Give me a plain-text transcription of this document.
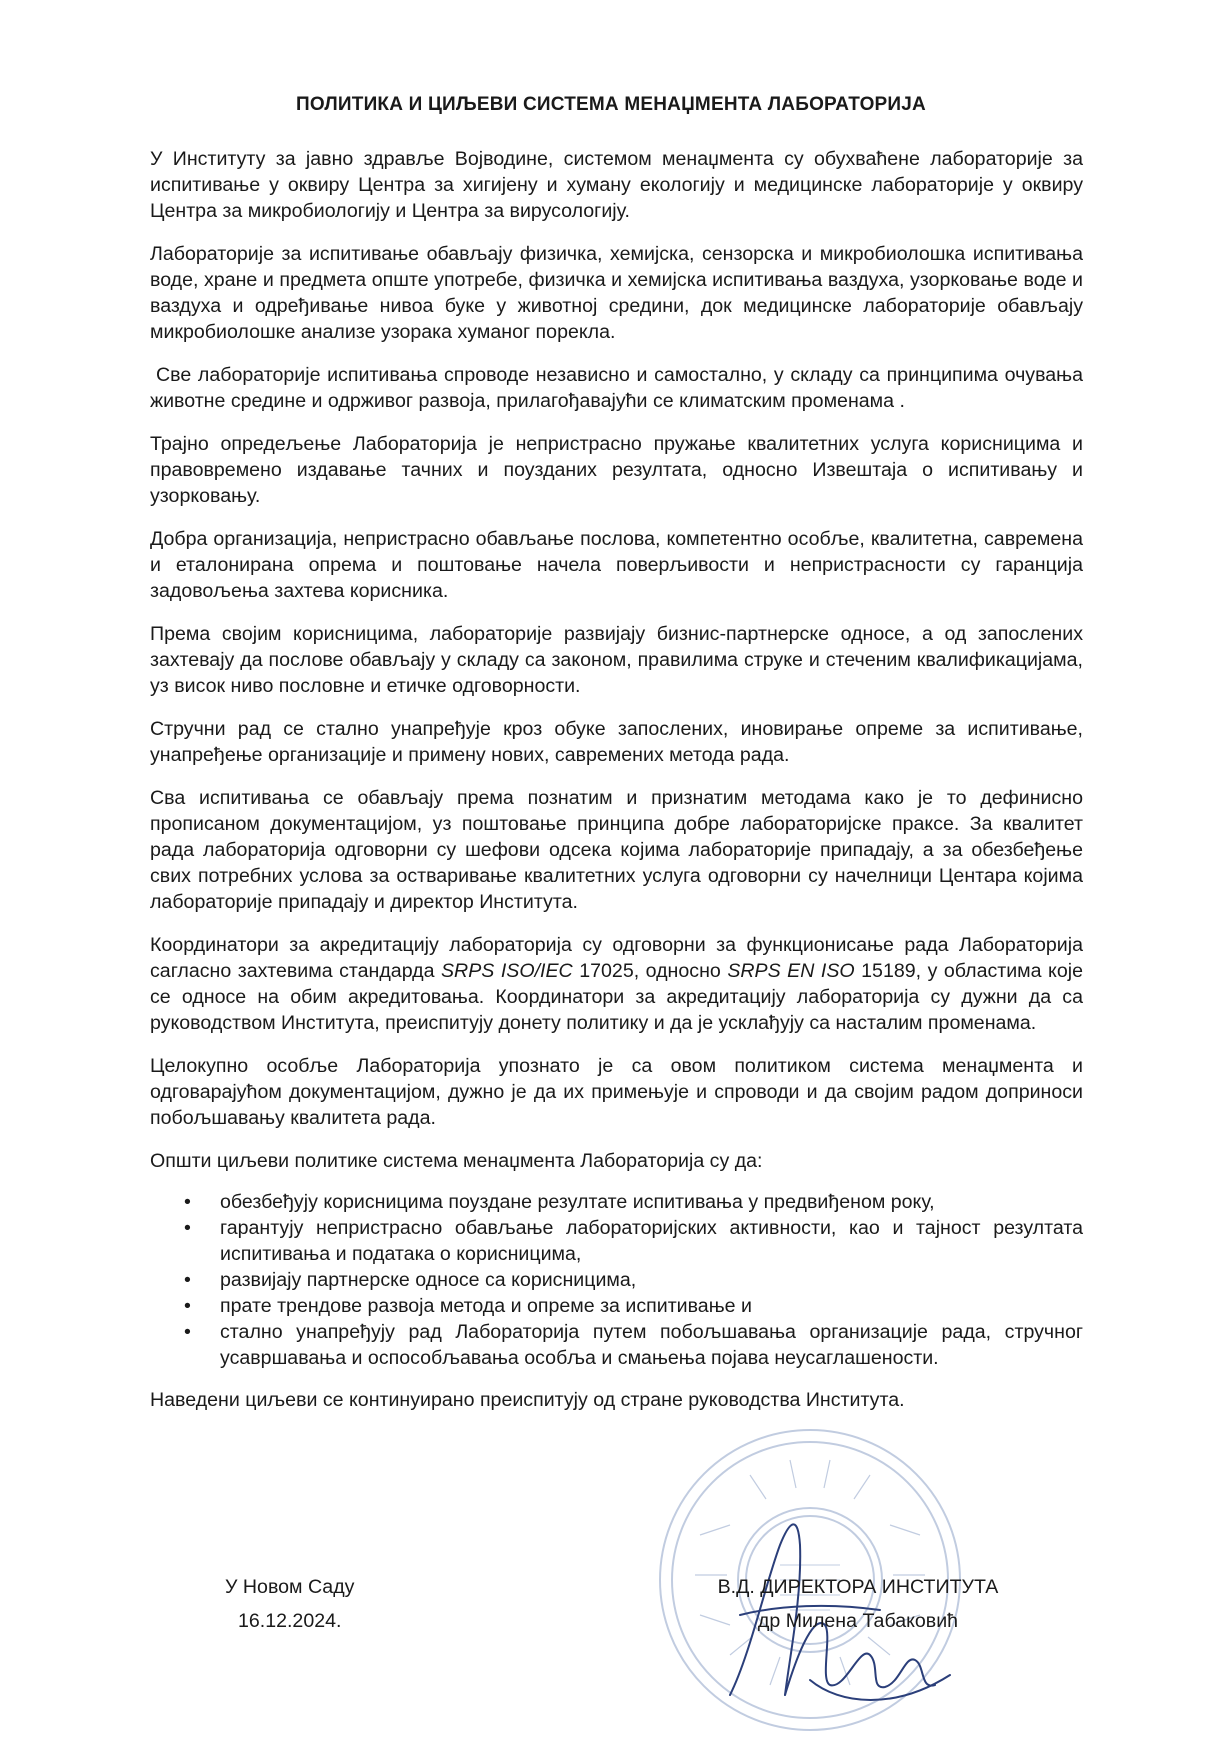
ПОЛИТИКА И ЦИЉЕВИ СИСТЕМА МЕНАЏМЕНТА ЛАБОРАТОРИЈА

У Институту за јавно здравље Војводине, системом менаџмента су обухваћене лабораторије за испитивање у оквиру Центра за хигијену и хуману екологију и медицинске лабораторије у оквиру Центра за микробиологију и Центра за вирусологију.

Лабораторије за испитивање обављају физичка, хемијска, сензорска и микробиолошка испитивања воде, хране и предмета опште употребе, физичка и хемијска испитивања ваздуха, узорковање воде и ваздуха и одређивање нивоа буке у животној средини, док медицинске лабораторије обављају микробиолошке анализе узорака хуманог порекла.

Све лабораторије испитивања спроводе независно и самостално, у складу са принципима очувања животне средине и одрживог развоја, прилагођавајући се климатским променама .

Трајно опредељење Лабораторија је непристрасно пружање квалитетних услуга корисницима и правовремено издавање тачних и поузданих резултата, односно Извештаја о испитивању и узорковању.

Добра организација, непристрасно обављање послова, компетентно особље, квалитетна, савремена и еталонирана опрема и поштовање начела поверљивости и непристрасности су гаранција задовољења захтева корисника.

Према својим корисницима, лабораторије развијају бизнис-партнерске односе, а од запослених захтевају да послове обављају у складу са законом, правилима струке и стеченим квалификацијама, уз висок ниво пословне и етичке одговорности.

Стручни рад се стално унапређује кроз обуке запослених, иновирање опреме за испитивање, унапређење организације и примену нових, савремених метода рада.

Сва испитивања се обављају према познатим и признатим методама како је то дефинисно прописаном документацијом, уз поштовање принципа добре лабораторијске праксе. За квалитет рада лабораторија одговорни су шефови одсека којима лабораторије припадају, а за обезбеђење свих потребних услова за остваривање квалитетних услуга одговорни су начелници Центара којима лабораторије припадају и директор Института.

Координатори за акредитацију лабораторија су одговорни за функционисање рада Лабораторија сагласно захтевима стандарда SRPS ISO/IEC 17025, односно SRPS EN ISO 15189, у областима које се односе на обим акредитовања. Координатори за акредитацију лабораторија су дужни да са руководством Института, преиспитују донету политику и да је усклађују са насталим променама.

Целокупно особље Лабораторија упознато је са овом политиком система менаџмента и одговарајућом документацијом, дужно је да их примењује и спроводи и да својим радом доприноси побољшавању квалитета рада.

Општи циљеви политике система менаџмента Лабораторија су да:

• обезбеђују корисницима поуздане резултате испитивања у предвиђеном року,
• гарантују непристрасно обављање лабораторијских активности, као и тајност резултата испитивања и података о корисницима,
• развијају партнерске односе са корисницима,
• прате трендове развоја метода и опреме за испитивање и
• стално унапређују рад Лабораторија путем побољшавања организације рада, стручног усавршавања и оспособљавања особља и смањења појава неусаглашености.

Наведени циљеви се континуирано преиспитују од стране руководства Института.

У Новом Саду
16.12.2024.
В.Д. ДИРЕКТОРА ИНСТИТУТА
др Милена Табаковић
